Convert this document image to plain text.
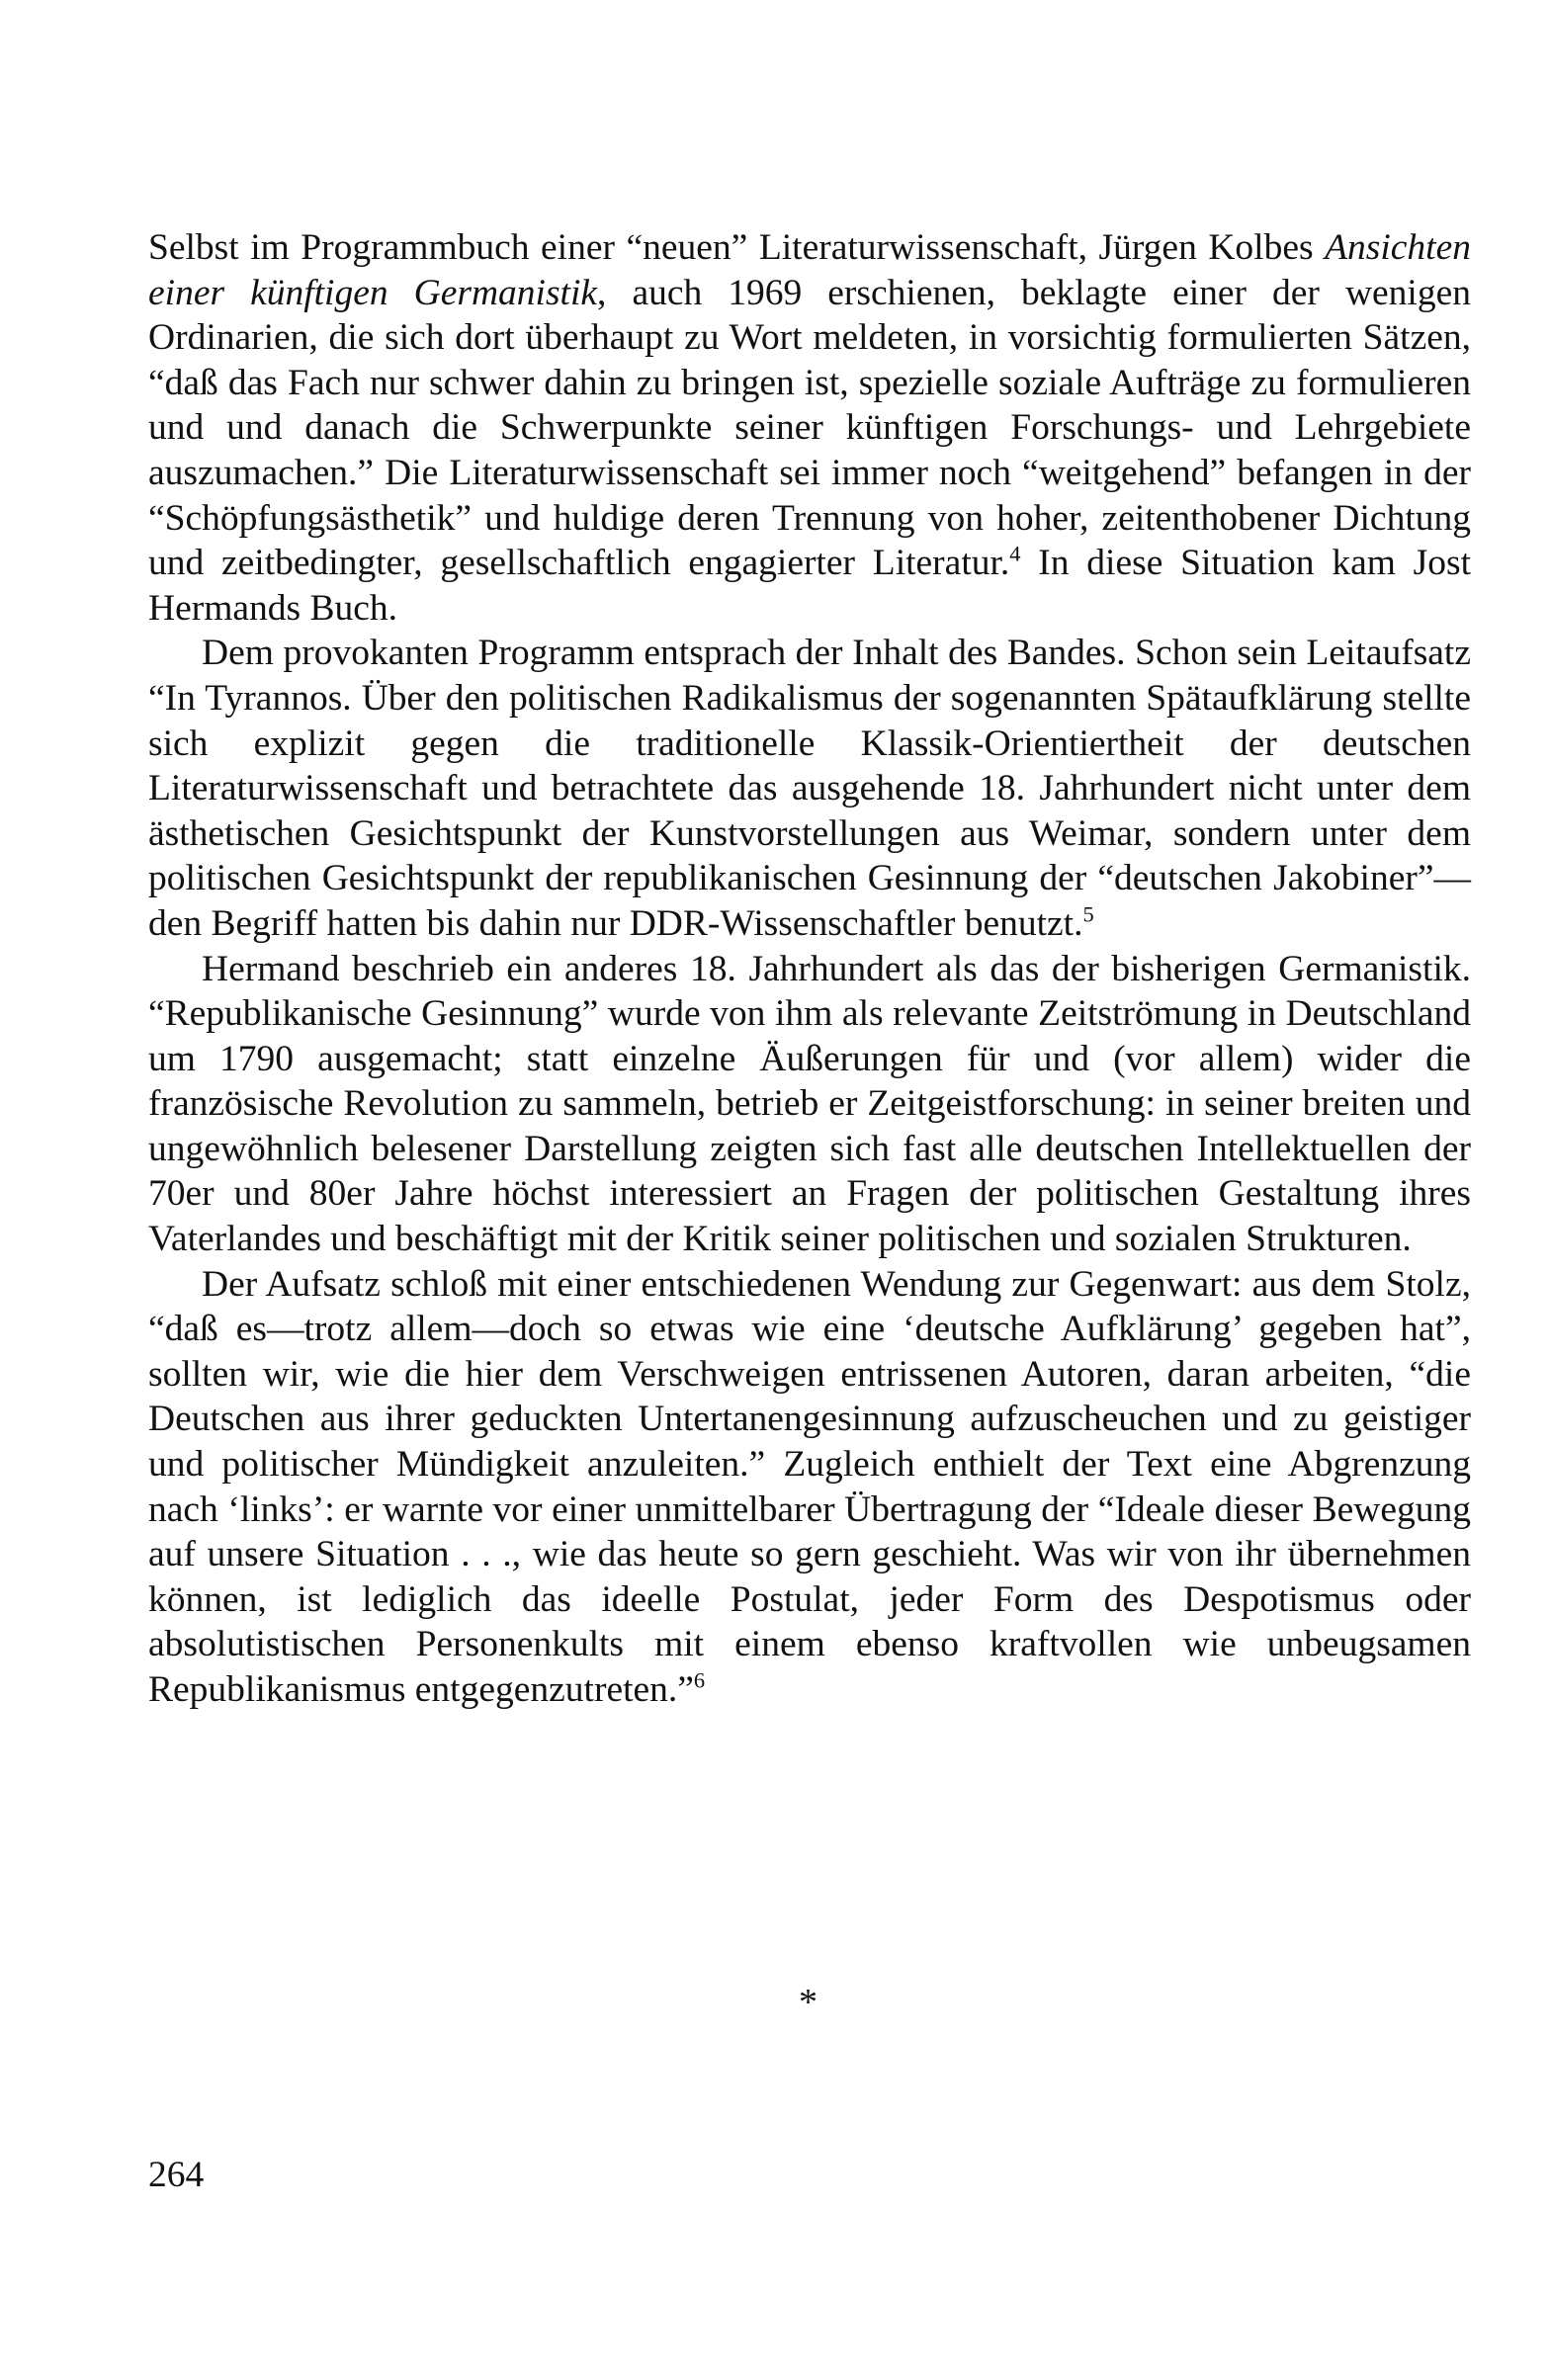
Selbst im Programmbuch einer “neuen” Literaturwissenschaft, Jürgen Kolbes Ansichten einer künftigen Germanistik, auch 1969 erschienen, beklagte einer der wenigen Ordinarien, die sich dort überhaupt zu Wort meldeten, in vorsichtig formulierten Sätzen, “daß das Fach nur schwer dahin zu bringen ist, spezielle soziale Aufträge zu formulieren und und danach die Schwerpunkte seiner künftigen Forschungs- und Lehrgebiete auszumachen.” Die Literaturwissenschaft sei immer noch “weitgehend” befangen in der “Schöpfungsästhetik” und huldige deren Trennung von hoher, zeitenthobener Dichtung und zeitbedingter, gesellschaftlich engagierter Literatur.$^4$ In diese Situation kam Jost Hermands Buch.

Dem provokanten Programm entsprach der Inhalt des Bandes. Schon sein Leitaufsatz “In Tyrannos. Über den politischen Radikalismus der sogenannten Spätaufklärung stellte sich explizit gegen die traditionelle Klassik-Orientiertheit der deutschen Literaturwissenschaft und betrachtete das ausgehende 18. Jahrhundert nicht unter dem ästhetischen Gesichtspunkt der Kunstvorstellungen aus Weimar, sondern unter dem politischen Gesichtspunkt der republikanischen Gesinnung der “deutschen Jakobiner”—den Begriff hatten bis dahin nur DDR-Wissenschaftler benutzt.$^5$

Hermand beschrieb ein anderes 18. Jahrhundert als das der bisherigen Germanistik. “Republikanische Gesinnung” wurde von ihm als relevante Zeitströmung in Deutschland um 1790 ausgemacht; statt einzelne Äußerungen für und (vor allem) wider die französische Revolution zu sammeln, betrieb er Zeitgeistforschung: in seiner breiten und ungewöhnlich belesener Darstellung zeigten sich fast alle deutschen Intellektuellen der 70er und 80er Jahre höchst interessiert an Fragen der politischen Gestaltung ihres Vaterlandes und beschäftigt mit der Kritik seiner politischen und sozialen Strukturen.

Der Aufsatz schloß mit einer entschiedenen Wendung zur Gegenwart: aus dem Stolz, “daß es—trotz allem—doch so etwas wie eine ‘deutsche Aufklärung’ gegeben hat”, sollten wir, wie die hier dem Verschweigen entrissenen Autoren, daran arbeiten, “die Deutschen aus ihrer geduckten Untertanengesinnung aufzuscheuchen und zu geistiger und politischer Mündigkeit anzuleiten.” Zugleich enthielt der Text eine Abgrenzung nach ‘links’: er warnte vor einer unmittelbarer Übertragung der “Ideale dieser Bewegung auf unsere Situation . . ., wie das heute so gern geschieht. Was wir von ihr übernehmen können, ist lediglich das ideelle Postulat, jeder Form des Despotismus oder absolutistischen Personenkults mit einem ebenso kraftvollen wie unbeugsamen Republikanismus entgegenzutreten.”$^6$

*
264
